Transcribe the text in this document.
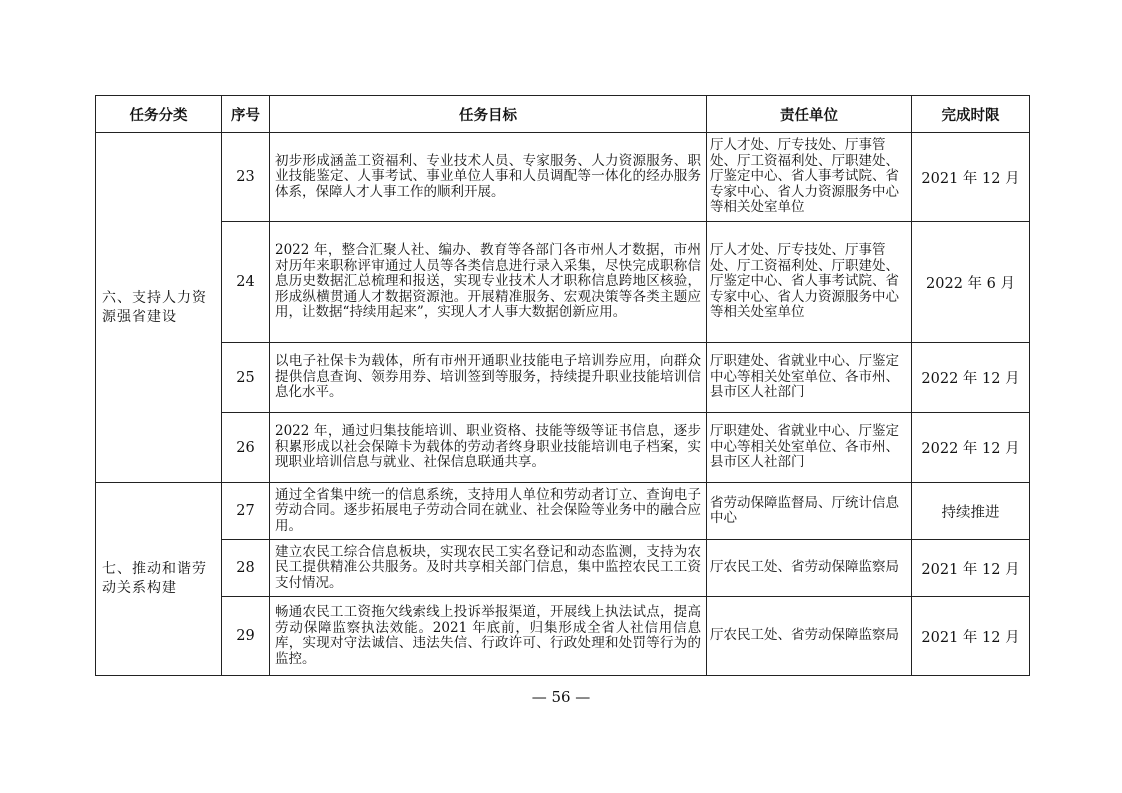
任务分类	序号	任务目标	责任单位	完成时限
六、支持人力资源强省建设	23	初步形成涵盖工资福利、专业技术人员、专家服务、人力资源服务、职业技能鉴定、人事考试、事业单位人事和人员调配等一体化的经办服务体系，保障人才人事工作的顺利开展。	厅人才处、厅专技处、厅事管处、厅工资福利处、厅职建处、厅鉴定中心、省人事考试院、省专家中心、省人力资源服务中心等相关处室单位	2021 年 12 月
	24	2022 年，整合汇聚人社、编办、教育等各部门各市州人才数据，市州对历年来职称评审通过人员等各类信息进行录入采集，尽快完成职称信息历史数据汇总梳理和报送，实现专业技术人才职称信息跨地区核验，形成纵横贯通人才数据资源池。开展精准服务、宏观决策等各类主题应用，让数据“持续用起来”，实现人才人事大数据创新应用。	厅人才处、厅专技处、厅事管处、厅工资福利处、厅职建处、厅鉴定中心、省人事考试院、省专家中心、省人力资源服务中心等相关处室单位	2022 年 6 月
	25	以电子社保卡为载体，所有市州开通职业技能电子培训券应用，向群众提供信息查询、领券用券、培训签到等服务，持续提升职业技能培训信息化水平。	厅职建处、省就业中心、厅鉴定中心等相关处室单位、各市州、县市区人社部门	2022 年 12 月
	26	2022 年，通过归集技能培训、职业资格、技能等级等证书信息，逐步积累形成以社会保障卡为载体的劳动者终身职业技能培训电子档案，实现职业培训信息与就业、社保信息联通共享。	厅职建处、省就业中心、厅鉴定中心等相关处室单位、各市州、县市区人社部门	2022 年 12 月
七、推动和谐劳动关系构建	27	通过全省集中统一的信息系统，支持用人单位和劳动者订立、查询电子劳动合同。逐步拓展电子劳动合同在就业、社会保险等业务中的融合应用。	省劳动保障监督局、厅统计信息中心	持续推进
	28	建立农民工综合信息板块，实现农民工实名登记和动态监测，支持为农民工提供精准公共服务。及时共享相关部门信息，集中监控农民工工资支付情况。	厅农民工处、省劳动保障监察局	2021 年 12 月
	29	畅通农民工工资拖欠线索线上投诉举报渠道，开展线上执法试点，提高劳动保障监察执法效能。2021 年底前，归集形成全省人社信用信息库，实现对守法诚信、违法失信、行政许可、行政处理和处罚等行为的监控。	厅农民工处、省劳动保障监察局	2021 年 12 月
— 56 —
